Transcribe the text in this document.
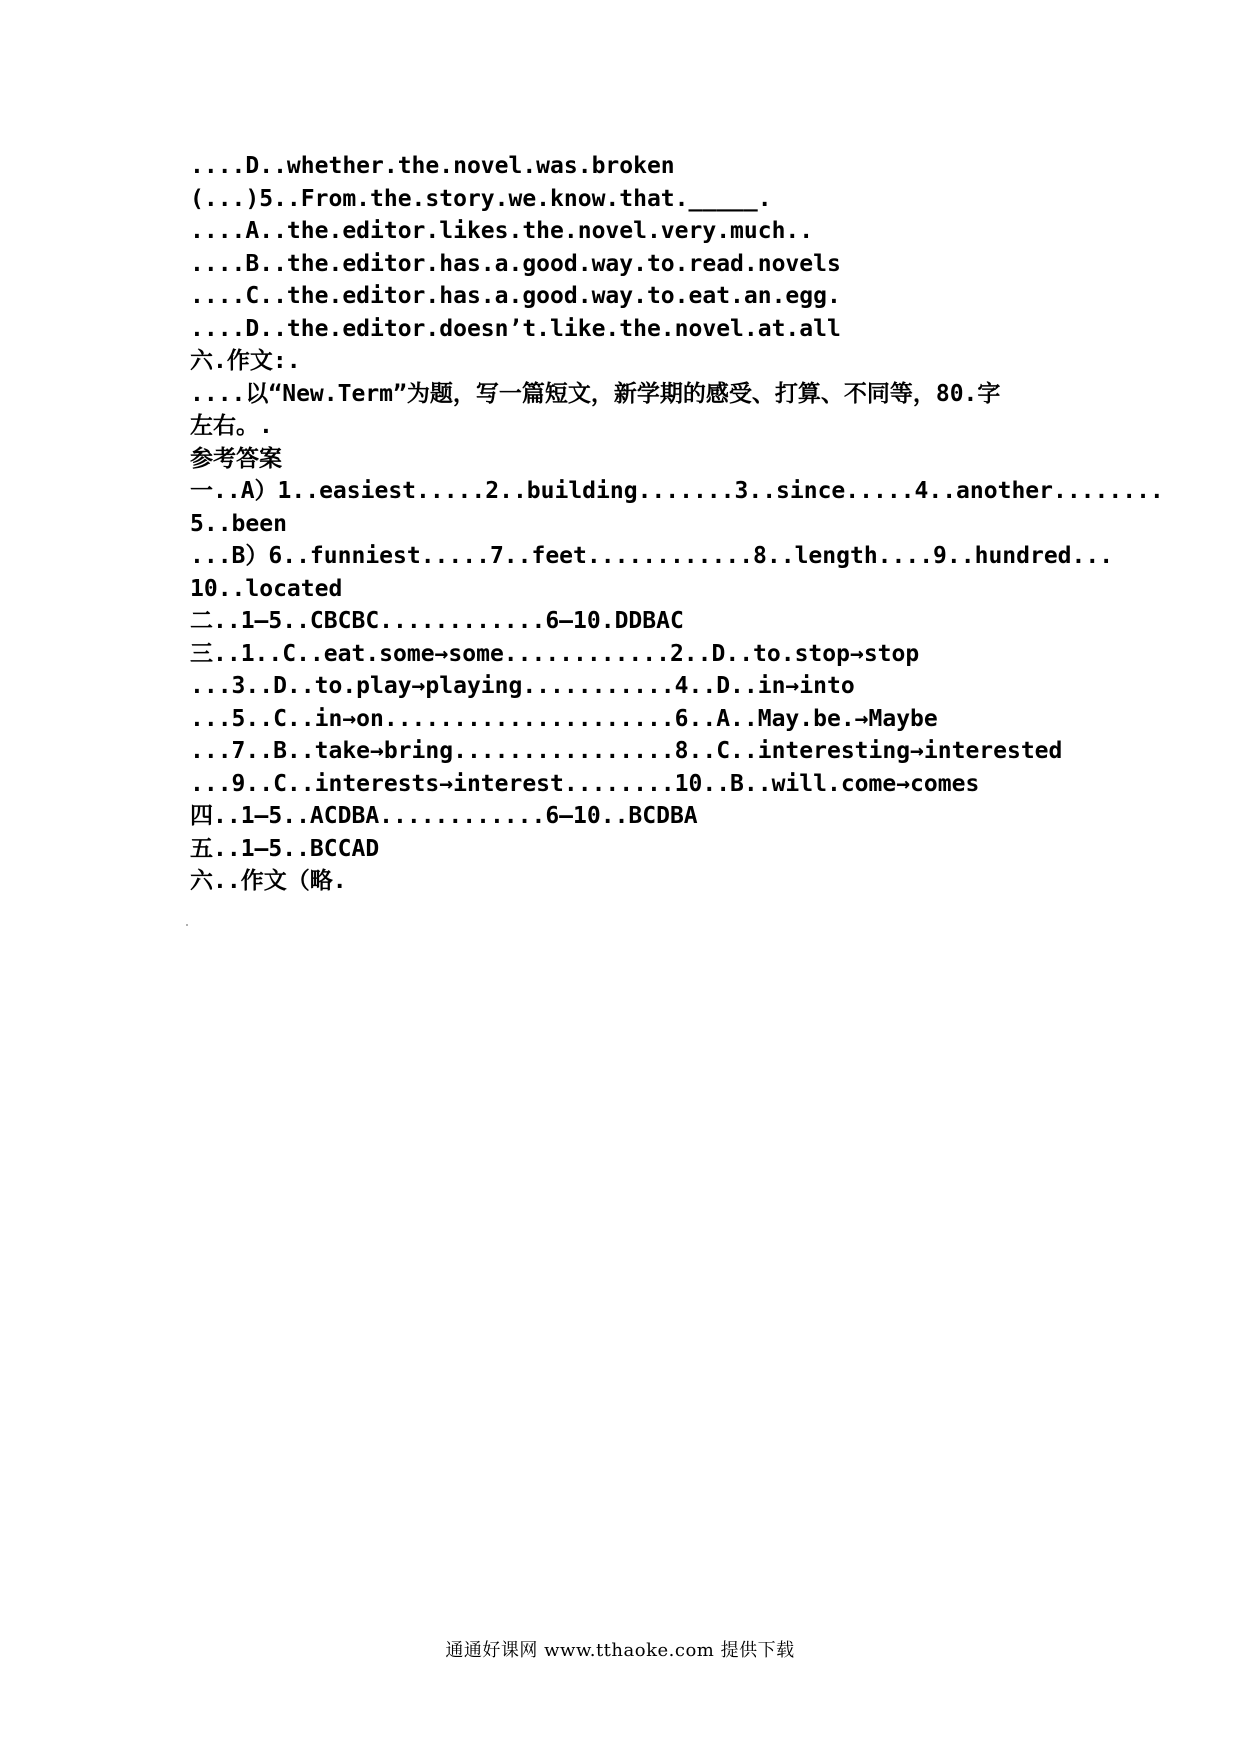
....D..whether.the.novel.was.broken
(...)5..From.the.story.we.know.that._____.
....A..the.editor.likes.the.novel.very.much..
....B..the.editor.has.a.good.way.to.read.novels
....C..the.editor.has.a.good.way.to.eat.an.egg.
....D..the.editor.doesn’t.like.the.novel.at.all
六.作文:.
....以“New.Term”为题，写一篇短文，新学期的感受、打算、不同等，80.字
左右。.
参考答案
一..A）1..easiest.....2..building.......3..since.....4..another........
5..been
...B）6..funniest.....7..feet............8..length....9..hundred...
10..located
二..1—5..CBCBC............6—10.DDBAC
三..1..C..eat.some→some............2..D..to.stop→stop
...3..D..to.play→playing...........4..D..in→into
...5..C..in→on.....................6..A..May.be.→Maybe
...7..B..take→bring................8..C..interesting→interested
...9..C..interests→interest........10..B..will.come→comes
四..1—5..ACDBA............6—10..BCDBA
五..1—5..BCCAD
六..作文（略.
通通好课网 www.tthaoke.com 提供下载
